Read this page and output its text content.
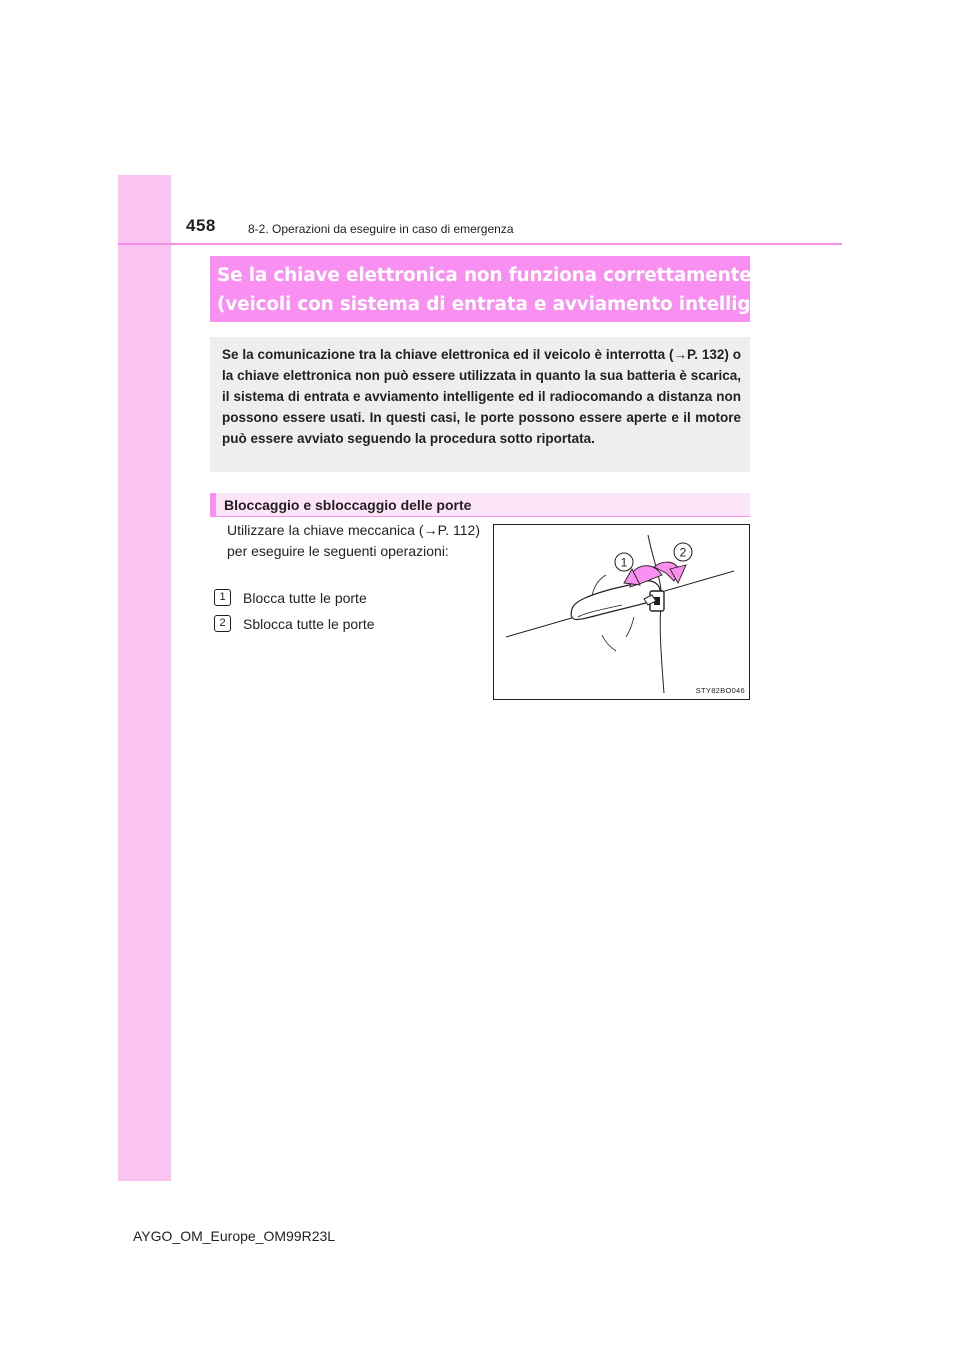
458	8-2. Operazioni da eseguire in caso di emergenza
Se la chiave elettronica non funziona correttamente
(veicoli con sistema di entrata e avviamento intelligente)

Se la comunicazione tra la chiave elettronica ed il veicolo è interrotta (→P. 132) o la chiave elettronica non può essere utilizzata in quanto la sua batteria è scarica, il sistema di entrata e avviamento intelligente ed il radiocomando a distanza non possono essere usati. In questi casi, le porte possono essere aperte e il motore può essere avviato seguendo la procedura sotto riportata.

Bloccaggio e sbloccaggio delle porte

Utilizzare la chiave meccanica (→P. 112) per eseguire le seguenti operazioni:

1	Blocca tutte le porte
2	Sblocca tutte le porte
1
2
STY82BO046
AYGO_OM_Europe_OM99R23L
